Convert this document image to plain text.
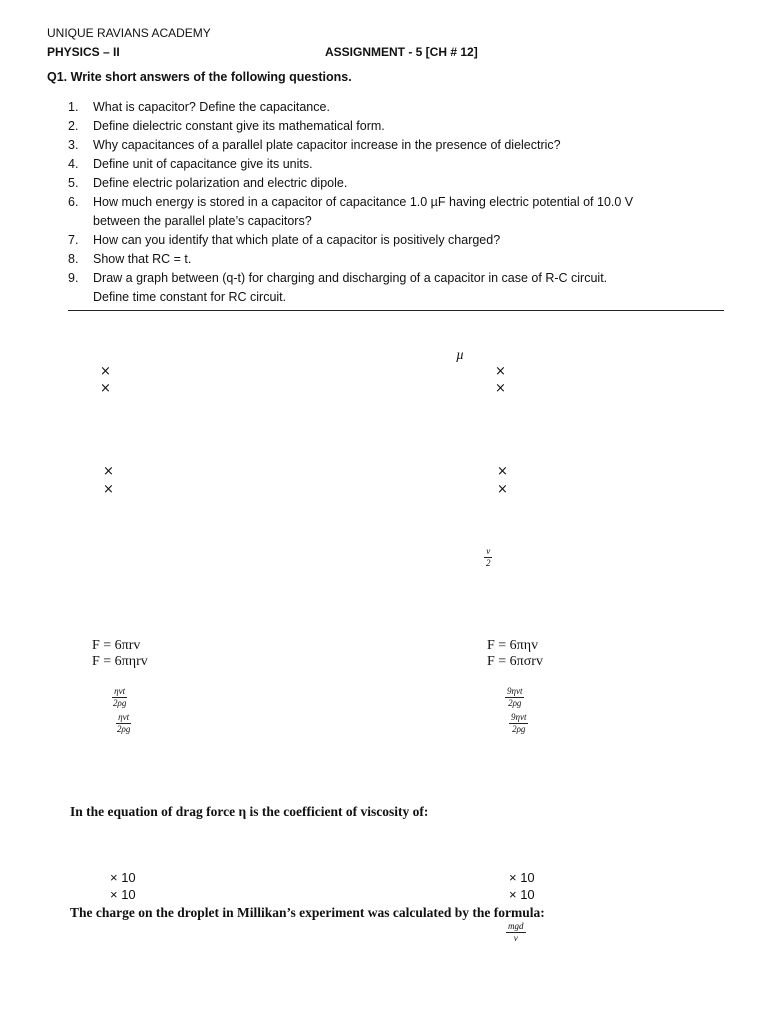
UNIQUE RAVIANS ACADEMY
PHYSICS – II	ASSIGNMENT - 5 [CH # 12]
Q1. Write short answers of the following questions.
1. What is capacitor? Define the capacitance.
2. Define dielectric constant give its mathematical form.
3. Why capacitances of a parallel plate capacitor increase in the presence of dielectric?
4. Define unit of capacitance give its units.
5. Define electric polarization and electric dipole.
6. How much energy is stored in a capacitor of capacitance 1.0 µF having electric potential of 10.0 V
between the parallel plate’s capacitors?
7. How can you identify that which plate of a capacitor is positively charged?
8. Show that RC = t.
9. Draw a graph between (q-t) for charging and discharging of a capacitor in case of R-C circuit.
Define time constant for RC circuit.
µ
×
×
×
×
×
×
×
×
$\frac{v}{2}$
F = 6πrv
F = 6πηrv
F = 6πηv
F = 6πσrv
ηvt
2ρg
ηvt
2ρg
9ηvt
2ρg
9ηvt
2ρg
In the equation of drag force η is the coefficient of viscosity of:
× 10
× 10
× 10
× 10
The charge on the droplet in Millikan’s experiment was calculated by the formula:
mgd
v
